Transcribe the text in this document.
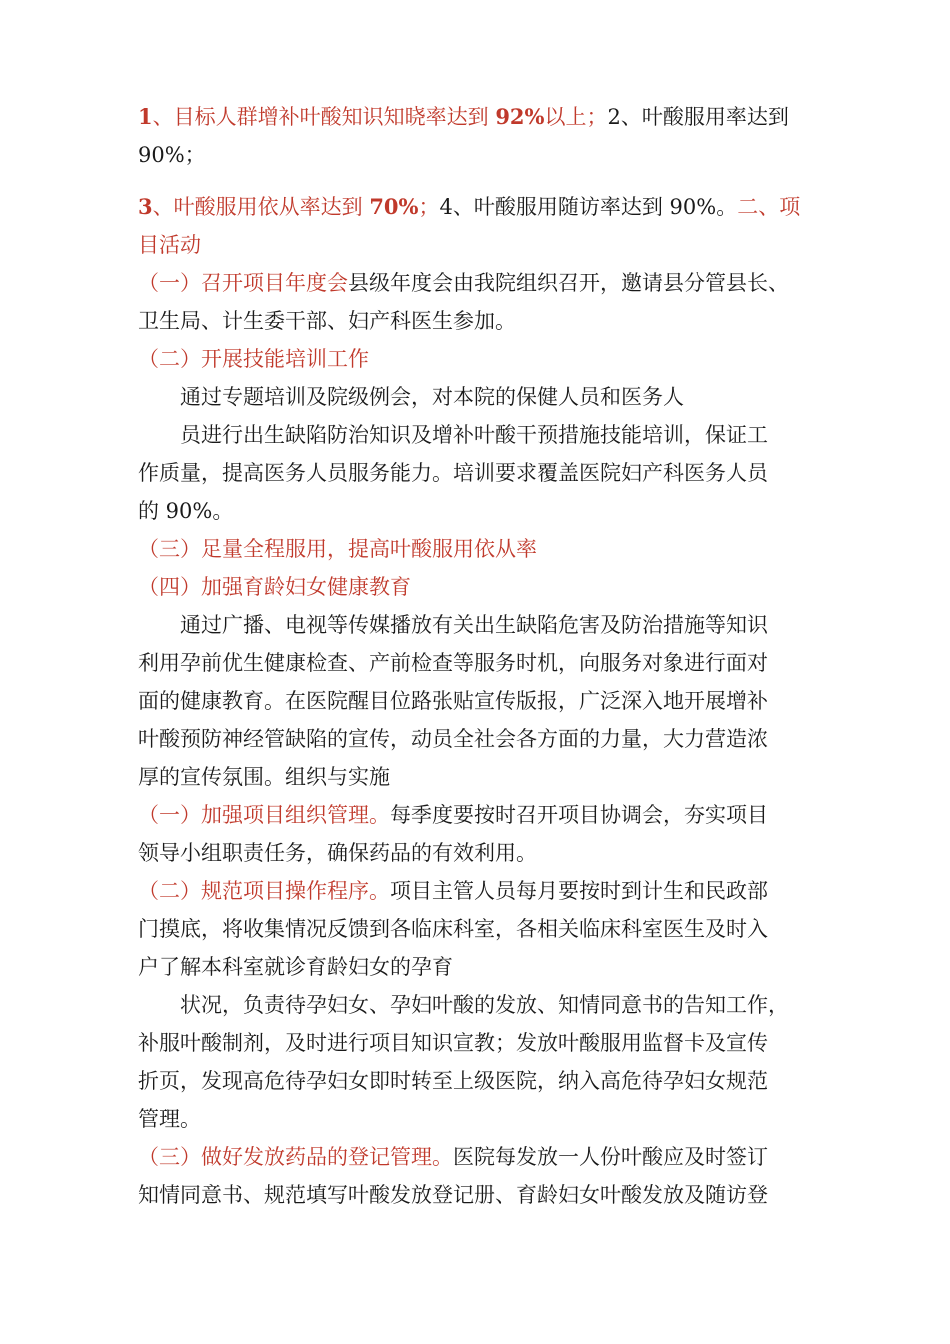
1、目标人群增补叶酸知识知晓率达到 92%以上；2、叶酸服用率达到
90%；
3、叶酸服用依从率达到 70%；4、叶酸服用随访率达到 90%。二、项
目活动
（一）召开项目年度会县级年度会由我院组织召开，邀请县分管县长、
卫生局、计生委干部、妇产科医生参加。
（二）开展技能培训工作
通过专题培训及院级例会，对本院的保健人员和医务人
员进行出生缺陷防治知识及增补叶酸干预措施技能培训，保证工
作质量，提高医务人员服务能力。培训要求覆盖医院妇产科医务人员
的 90%。
（三）足量全程服用，提高叶酸服用依从率
（四）加强育龄妇女健康教育
通过广播、电视等传媒播放有关出生缺陷危害及防治措施等知识
利用孕前优生健康检查、产前检查等服务时机，向服务对象进行面对
面的健康教育。在医院醒目位路张贴宣传版报，广泛深入地开展增补
叶酸预防神经管缺陷的宣传，动员全社会各方面的力量，大力营造浓
厚的宣传氛围。组织与实施
（一）加强项目组织管理。每季度要按时召开项目协调会，夯实项目
领导小组职责任务，确保药品的有效利用。
（二）规范项目操作程序。项目主管人员每月要按时到计生和民政部
门摸底，将收集情况反馈到各临床科室，各相关临床科室医生及时入
户了解本科室就诊育龄妇女的孕育
状况，负责待孕妇女、孕妇叶酸的发放、知情同意书的告知工作，
补服叶酸制剂，及时进行项目知识宣教；发放叶酸服用监督卡及宣传
折页，发现高危待孕妇女即时转至上级医院，纳入高危待孕妇女规范
管理。
（三）做好发放药品的登记管理。医院每发放一人份叶酸应及时签订
知情同意书、规范填写叶酸发放登记册、育龄妇女叶酸发放及随访登
